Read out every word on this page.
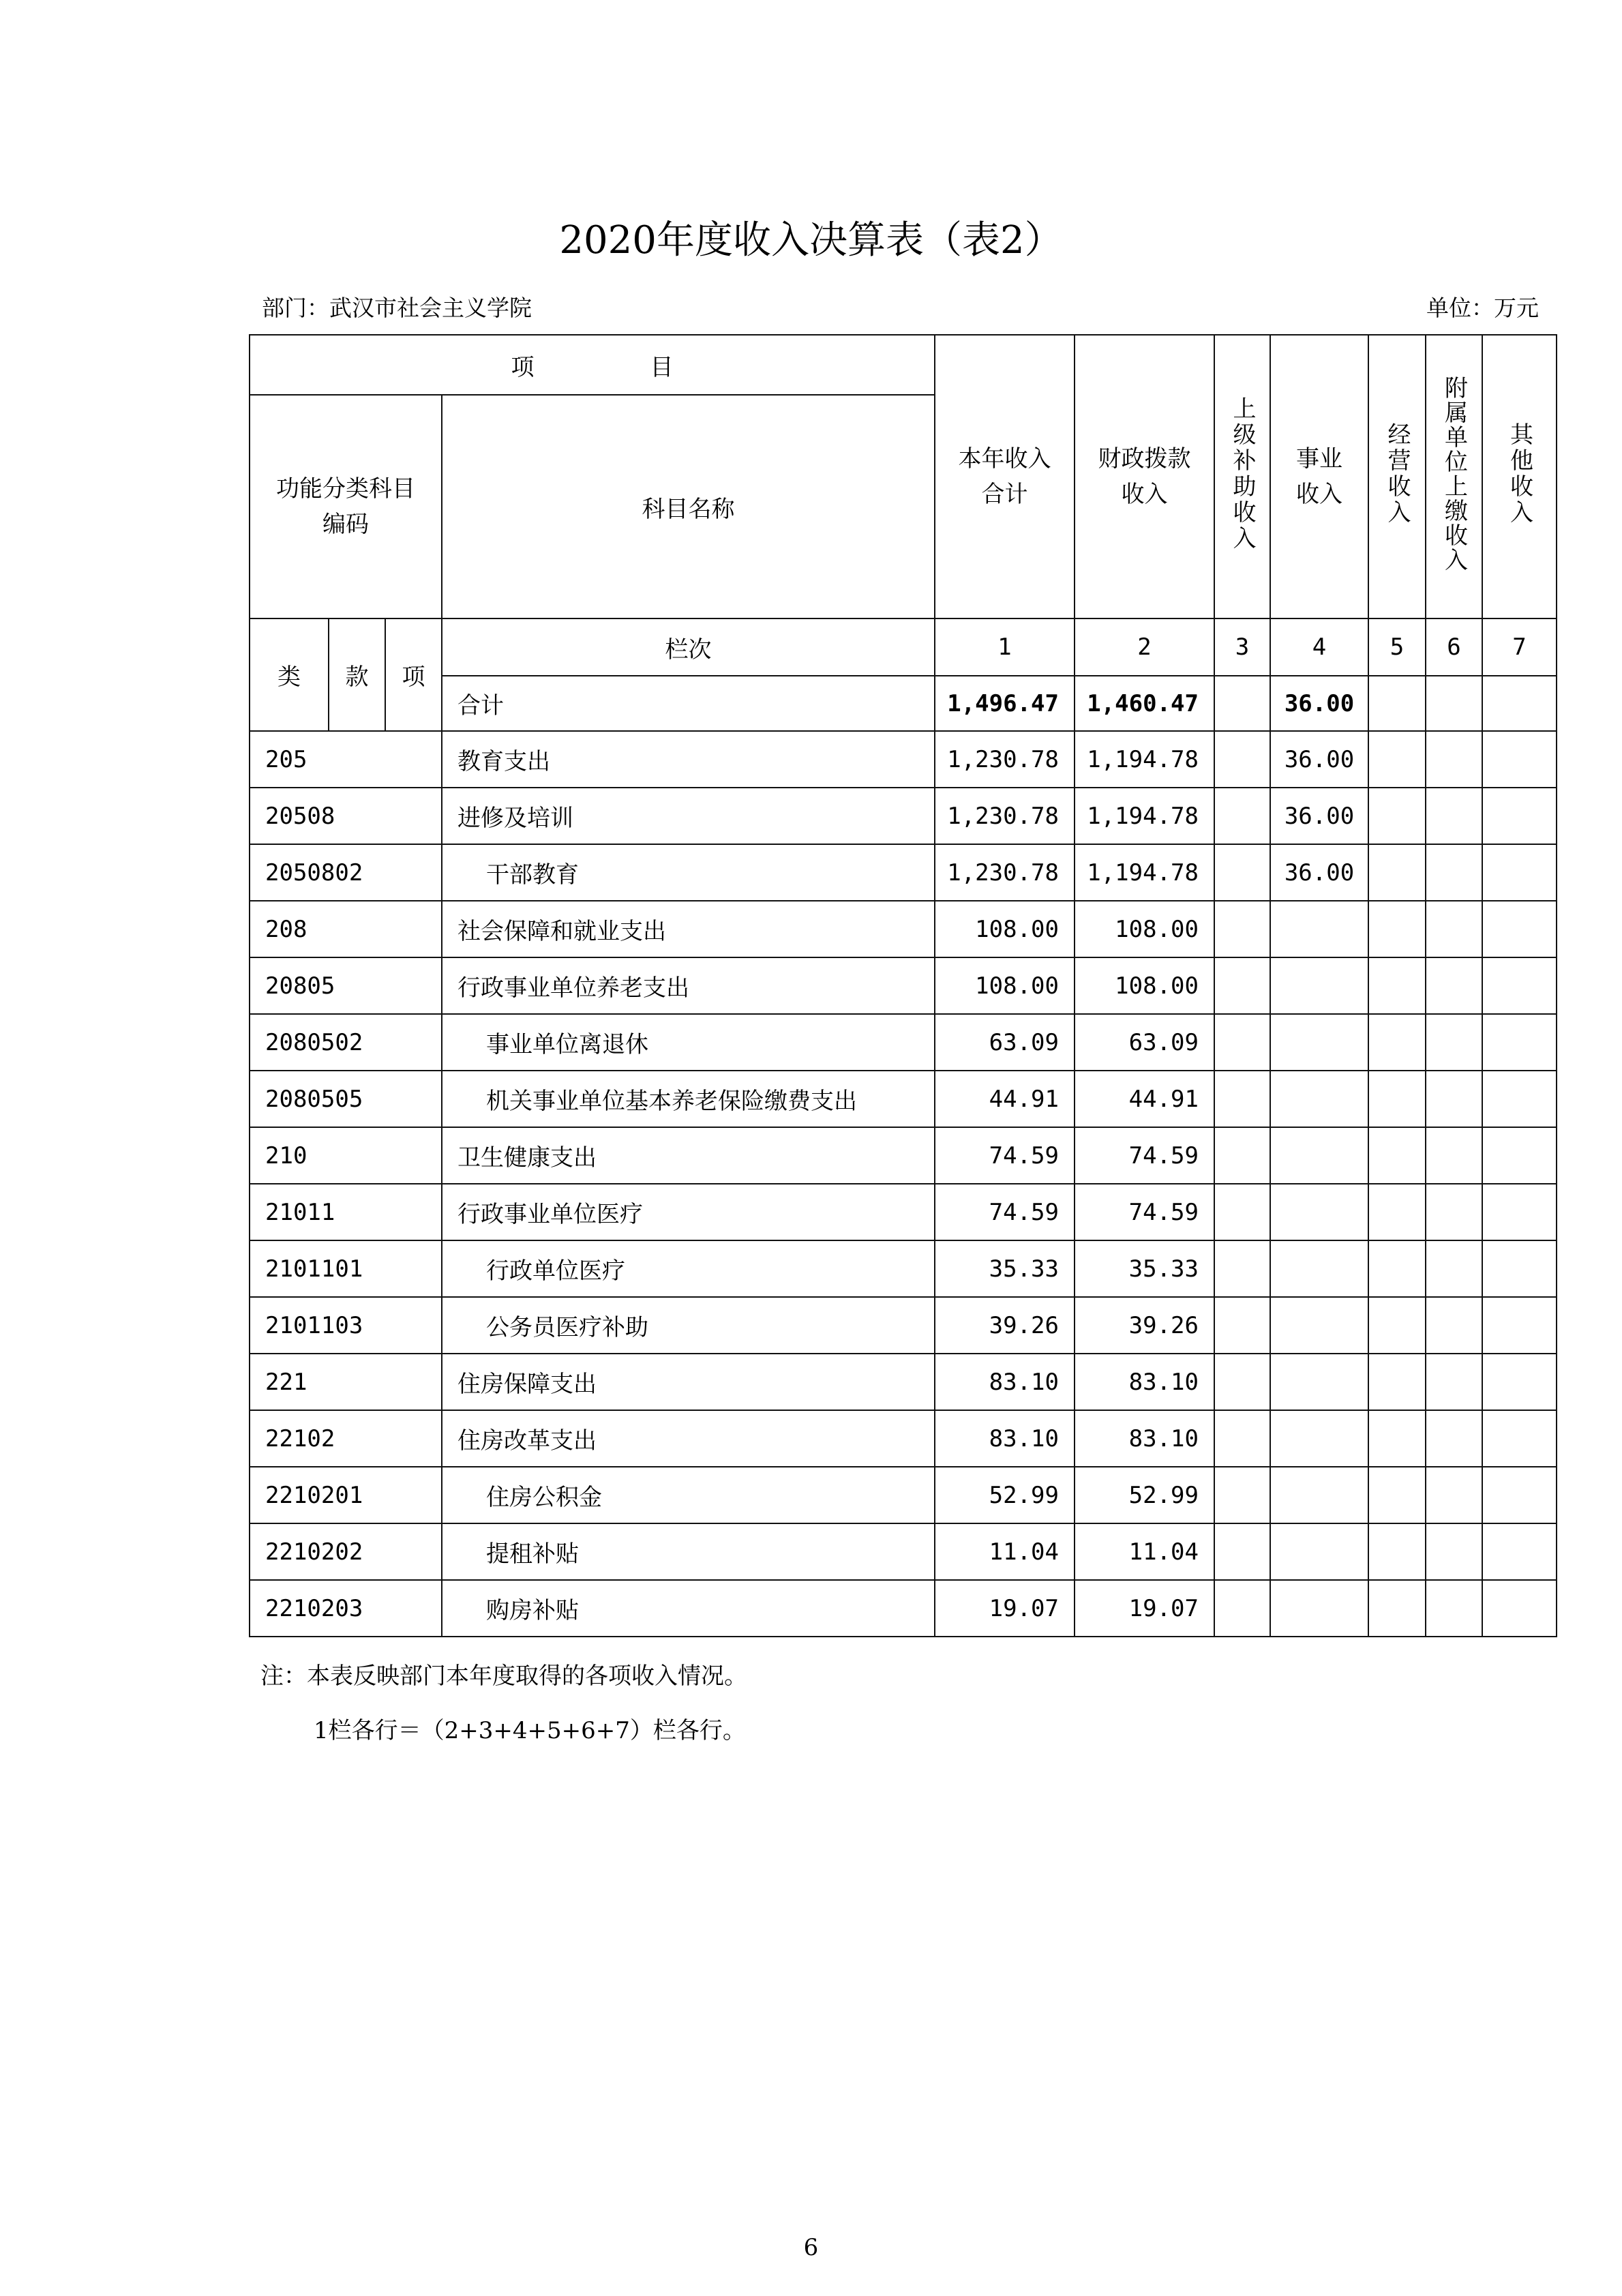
2020年度收入决算表（表2）
部门：武汉市社会主义学院	单位：万元
项　　　　　目				本年收入合计	财政拨款收入	上级补助收入	事业收入	经营收入	附属单位上缴收入	其他收入

功能分类科目编码			科目名称							
类	款	项	栏次	1	2	3	4	5	6	7
			合计	1,496.47	1,460.47		36.00			
205			教育支出	1,230.78	1,194.78		36.00			
20508			进修及培训	1,230.78	1,194.78		36.00			
2050802			干部教育	1,230.78	1,194.78		36.00			
208			社会保障和就业支出	108.00	108.00					
20805			行政事业单位养老支出	108.00	108.00					
2080502			事业单位离退休	63.09	63.09					
2080505			机关事业单位基本养老保险缴费支出	44.91	44.91					
210			卫生健康支出	74.59	74.59					
21011			行政事业单位医疗	74.59	74.59					
2101101			行政单位医疗	35.33	35.33					
2101103			公务员医疗补助	39.26	39.26					
221			住房保障支出	83.10	83.10					
22102			住房改革支出	83.10	83.10					
2210201			住房公积金	52.99	52.99					
2210202			提租补贴	11.04	11.04					
2210203			购房补贴	19.07	19.07					
注：本表反映部门本年度取得的各项收入情况。
1栏各行＝（2+3+4+5+6+7）栏各行。
6
